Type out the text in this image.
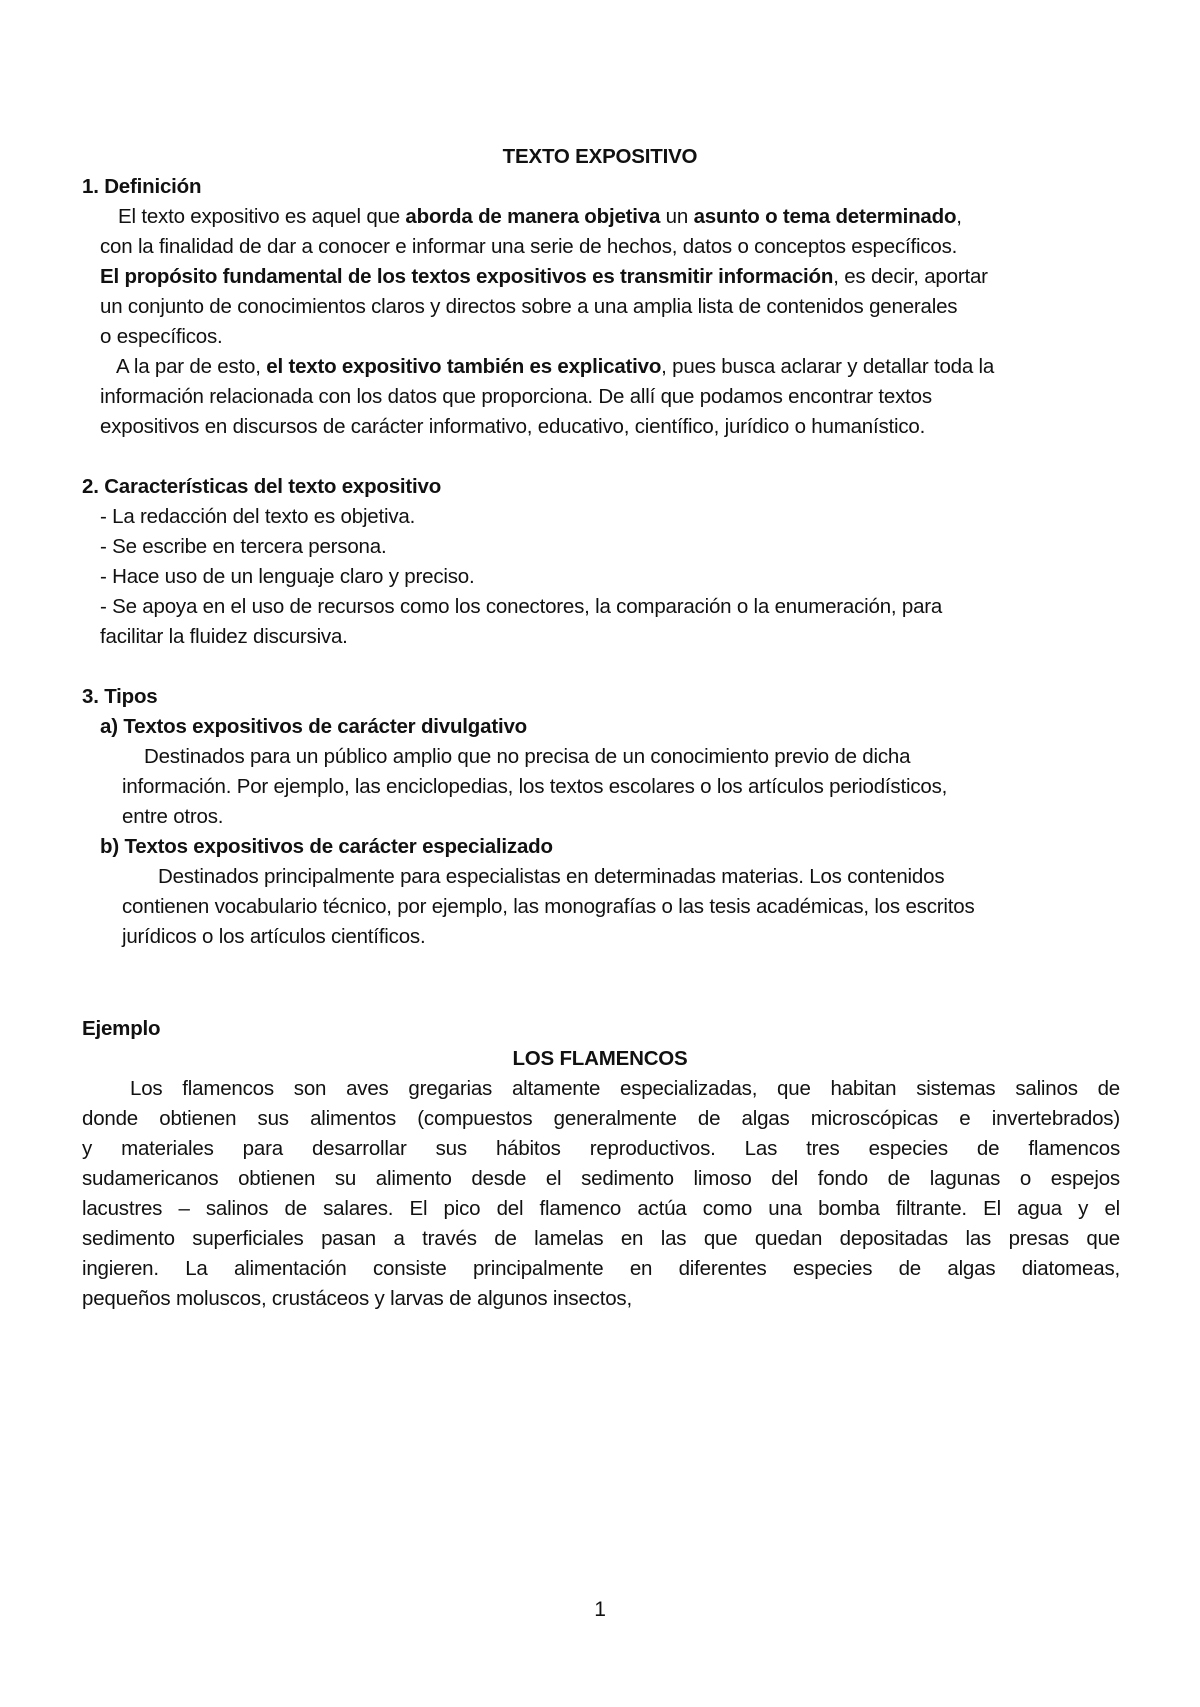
TEXTO EXPOSITIVO
1. Definición
El texto expositivo es aquel que aborda de manera objetiva un asunto o tema determinado,
con la finalidad de dar a conocer e informar una serie de hechos, datos o conceptos específicos.
El propósito fundamental de los textos expositivos es transmitir información, es decir, aportar
un conjunto de conocimientos claros y directos sobre a una amplia lista de contenidos generales
o específicos.
A la par de esto, el texto expositivo también es explicativo, pues busca aclarar y detallar toda la
información relacionada con los datos que proporciona. De allí que podamos encontrar textos
expositivos en discursos de carácter informativo, educativo, científico, jurídico o humanístico.
2. Características del texto expositivo
- La redacción del texto es objetiva.
- Se escribe en tercera persona.
- Hace uso de un lenguaje claro y preciso.
- Se apoya en el uso de recursos como los conectores, la comparación o la enumeración, para
facilitar la fluidez discursiva.
3. Tipos
a) Textos expositivos de carácter divulgativo
Destinados para un público amplio que no precisa de un conocimiento previo de dicha
información. Por ejemplo, las enciclopedias, los textos escolares o los artículos periodísticos,
entre otros.
b) Textos expositivos de carácter especializado
Destinados principalmente para especialistas en determinadas materias. Los contenidos
contienen vocabulario técnico, por ejemplo, las monografías o las tesis académicas, los escritos
jurídicos o los artículos científicos.
Ejemplo
LOS FLAMENCOS
Los flamencos son aves gregarias altamente especializadas, que habitan sistemas salinos de
donde obtienen sus alimentos (compuestos generalmente de algas microscópicas e invertebrados)
y materiales para desarrollar sus hábitos reproductivos. Las tres especies de flamencos
sudamericanos obtienen su alimento desde el sedimento limoso del fondo de lagunas o espejos
lacustres – salinos de salares. El pico del flamenco actúa como una bomba filtrante. El agua y el
sedimento superficiales pasan a través de lamelas en las que quedan depositadas las presas que
ingieren. La alimentación consiste principalmente en diferentes especies de algas diatomeas,
pequeños moluscos, crustáceos y larvas de algunos insectos,
1
